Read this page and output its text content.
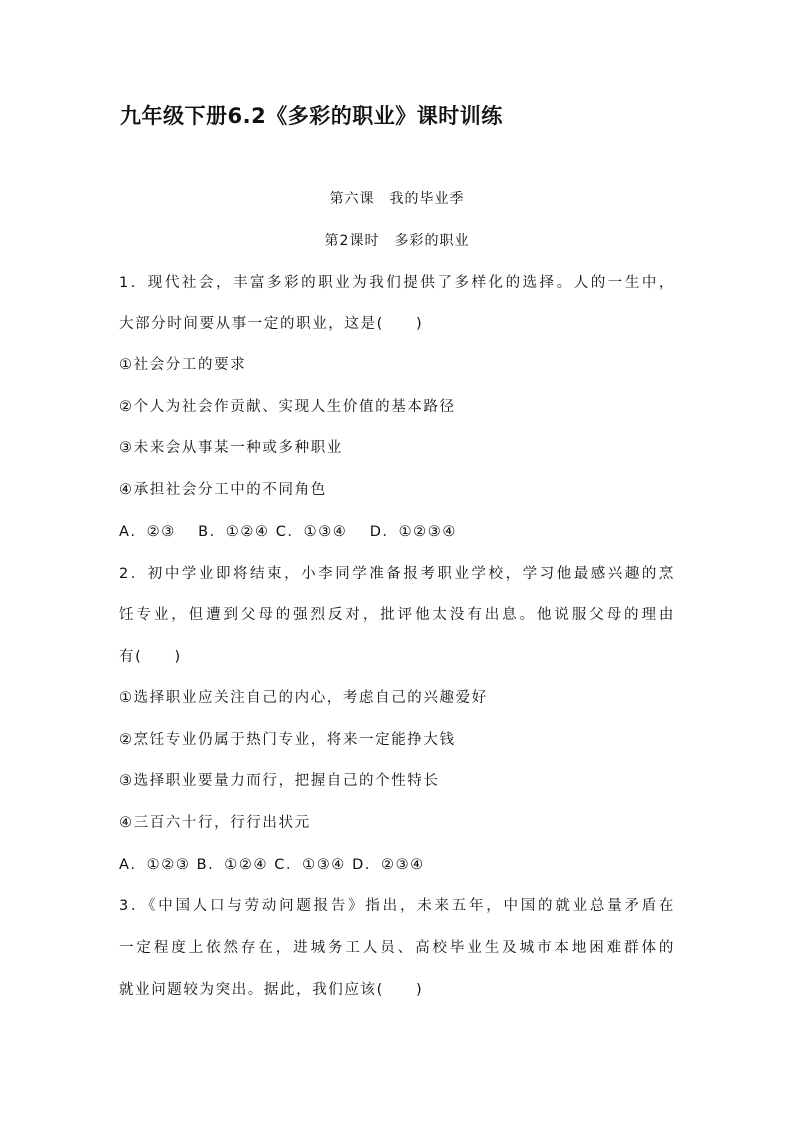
九年级下册6.2《多彩的职业》课时训练
第六课　我的毕业季
第2课时　多彩的职业
1．现代社会，丰富多彩的职业为我们提供了多样化的选择。人的一生中，
大部分时间要从事一定的职业，这是(　　)
①社会分工的要求
②个人为社会作贡献、实现人生价值的基本路径
③未来会从事某一种或多种职业
④承担社会分工中的不同角色
A．②③　 B．①②④ C．①③④　 D．①②③④
2．初中学业即将结束，小李同学准备报考职业学校，学习他最感兴趣的烹
饪专业，但遭到父母的强烈反对，批评他太没有出息。他说服父母的理由
有(　　)
①选择职业应关注自己的内心，考虑自己的兴趣爱好
②烹饪专业仍属于热门专业，将来一定能挣大钱
③选择职业要量力而行，把握自己的个性特长
④三百六十行，行行出状元
A．①②③ B．①②④ C．①③④ D．②③④
3．《中国人口与劳动问题报告》指出，未来五年，中国的就业总量矛盾在
一定程度上依然存在，进城务工人员、高校毕业生及城市本地困难群体的
就业问题较为突出。据此，我们应该(　　)
